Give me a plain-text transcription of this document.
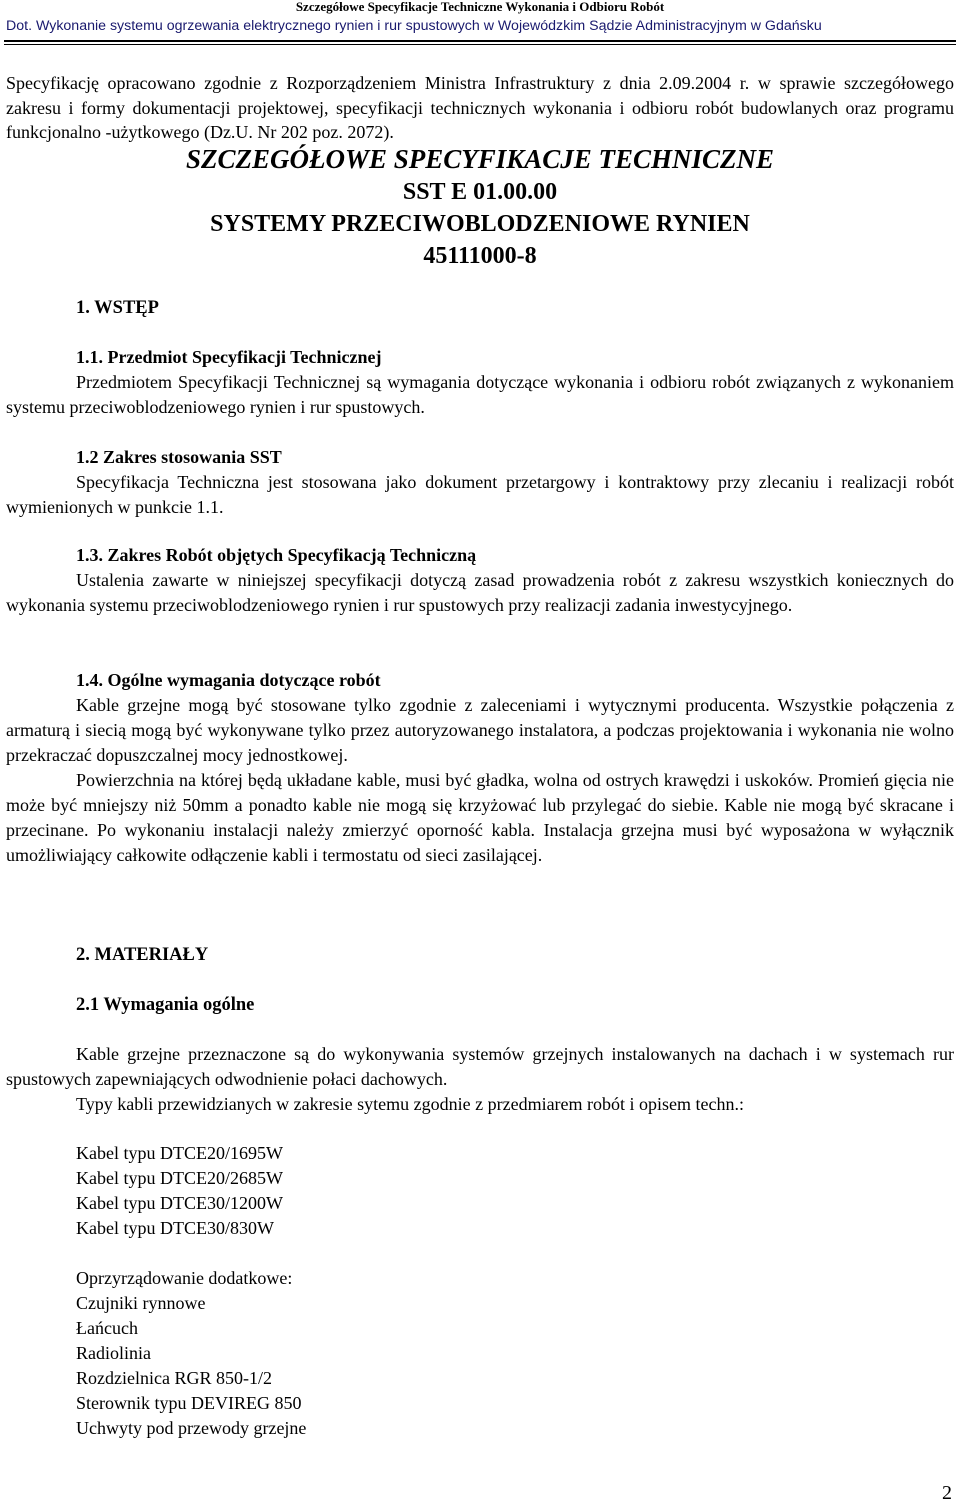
Szczegółowe Specyfikacje Techniczne Wykonania i Odbioru Robót
Dot. Wykonanie systemu ogrzewania elektrycznego rynien i rur spustowych w Wojewódzkim Sądzie Administracyjnym w Gdańsku

Specyfikację opracowano zgodnie z Rozporządzeniem Ministra Infrastruktury z dnia 2.09.2004 r. w sprawie szczegółowego zakresu i formy dokumentacji projektowej, specyfikacji technicznych wykonania i odbioru robót budowlanych oraz programu funkcjonalno -użytkowego (Dz.U. Nr 202 poz. 2072).

SZCZEGÓŁOWE SPECYFIKACJE TECHNICZNE
SST E 01.00.00
SYSTEMY PRZECIWOBLODZENIOWE RYNIEN
45111000-8
1. WSTĘP

1.1. Przedmiot Specyfikacji Technicznej

Przedmiotem Specyfikacji Technicznej są wymagania dotyczące wykonania i odbioru robót związanych z wykonaniem systemu przeciwoblodzeniowego rynien i rur spustowych.

1.2 Zakres stosowania SST

Specyfikacja Techniczna jest stosowana jako dokument przetargowy i kontraktowy przy zlecaniu i realizacji robót wymienionych w punkcie 1.1.

1.3. Zakres Robót objętych Specyfikacją Techniczną

Ustalenia zawarte w niniejszej specyfikacji dotyczą zasad prowadzenia robót z zakresu wszystkich koniecznych do wykonania systemu przeciwoblodzeniowego rynien i rur spustowych przy realizacji zadania inwestycyjnego.

1.4. Ogólne wymagania dotyczące robót

Kable grzejne mogą być stosowane tylko zgodnie z zaleceniami i wytycznymi producenta. Wszystkie połączenia z armaturą i siecią mogą być wykonywane tylko przez autoryzowanego instalatora, a podczas projektowania i wykonania nie wolno przekraczać dopuszczalnej mocy jednostkowej.

Powierzchnia na której będą układane kable, musi być gładka, wolna od ostrych krawędzi i uskoków. Promień gięcia nie może być mniejszy niż 50mm a ponadto kable nie mogą się krzyżować lub przylegać do siebie. Kable nie mogą być skracane i przecinane. Po wykonaniu instalacji należy zmierzyć oporność kabla. Instalacja grzejna musi być wyposażona w wyłącznik umożliwiający całkowite odłączenie kabli i termostatu od sieci zasilającej.

2. MATERIAŁY
2.1 Wymagania ogólne

Kable grzejne przeznaczone są do wykonywania systemów grzejnych instalowanych na dachach i w systemach rur spustowych zapewniających odwodnienie połaci dachowych.

Typy kabli przewidzianych w zakresie sytemu zgodnie z przedmiarem robót i opisem techn.:

Kabel typu DTCE20/1695W
Kabel typu DTCE20/2685W
Kabel typu DTCE30/1200W
Kabel typu DTCE30/830W
Oprzyrządowanie dodatkowe:
Czujniki rynnowe
Łańcuch
Radiolinia
Rozdzielnica RGR 850-1/2
Sterownik typu DEVIREG 850
Uchwyty pod przewody grzejne
2
